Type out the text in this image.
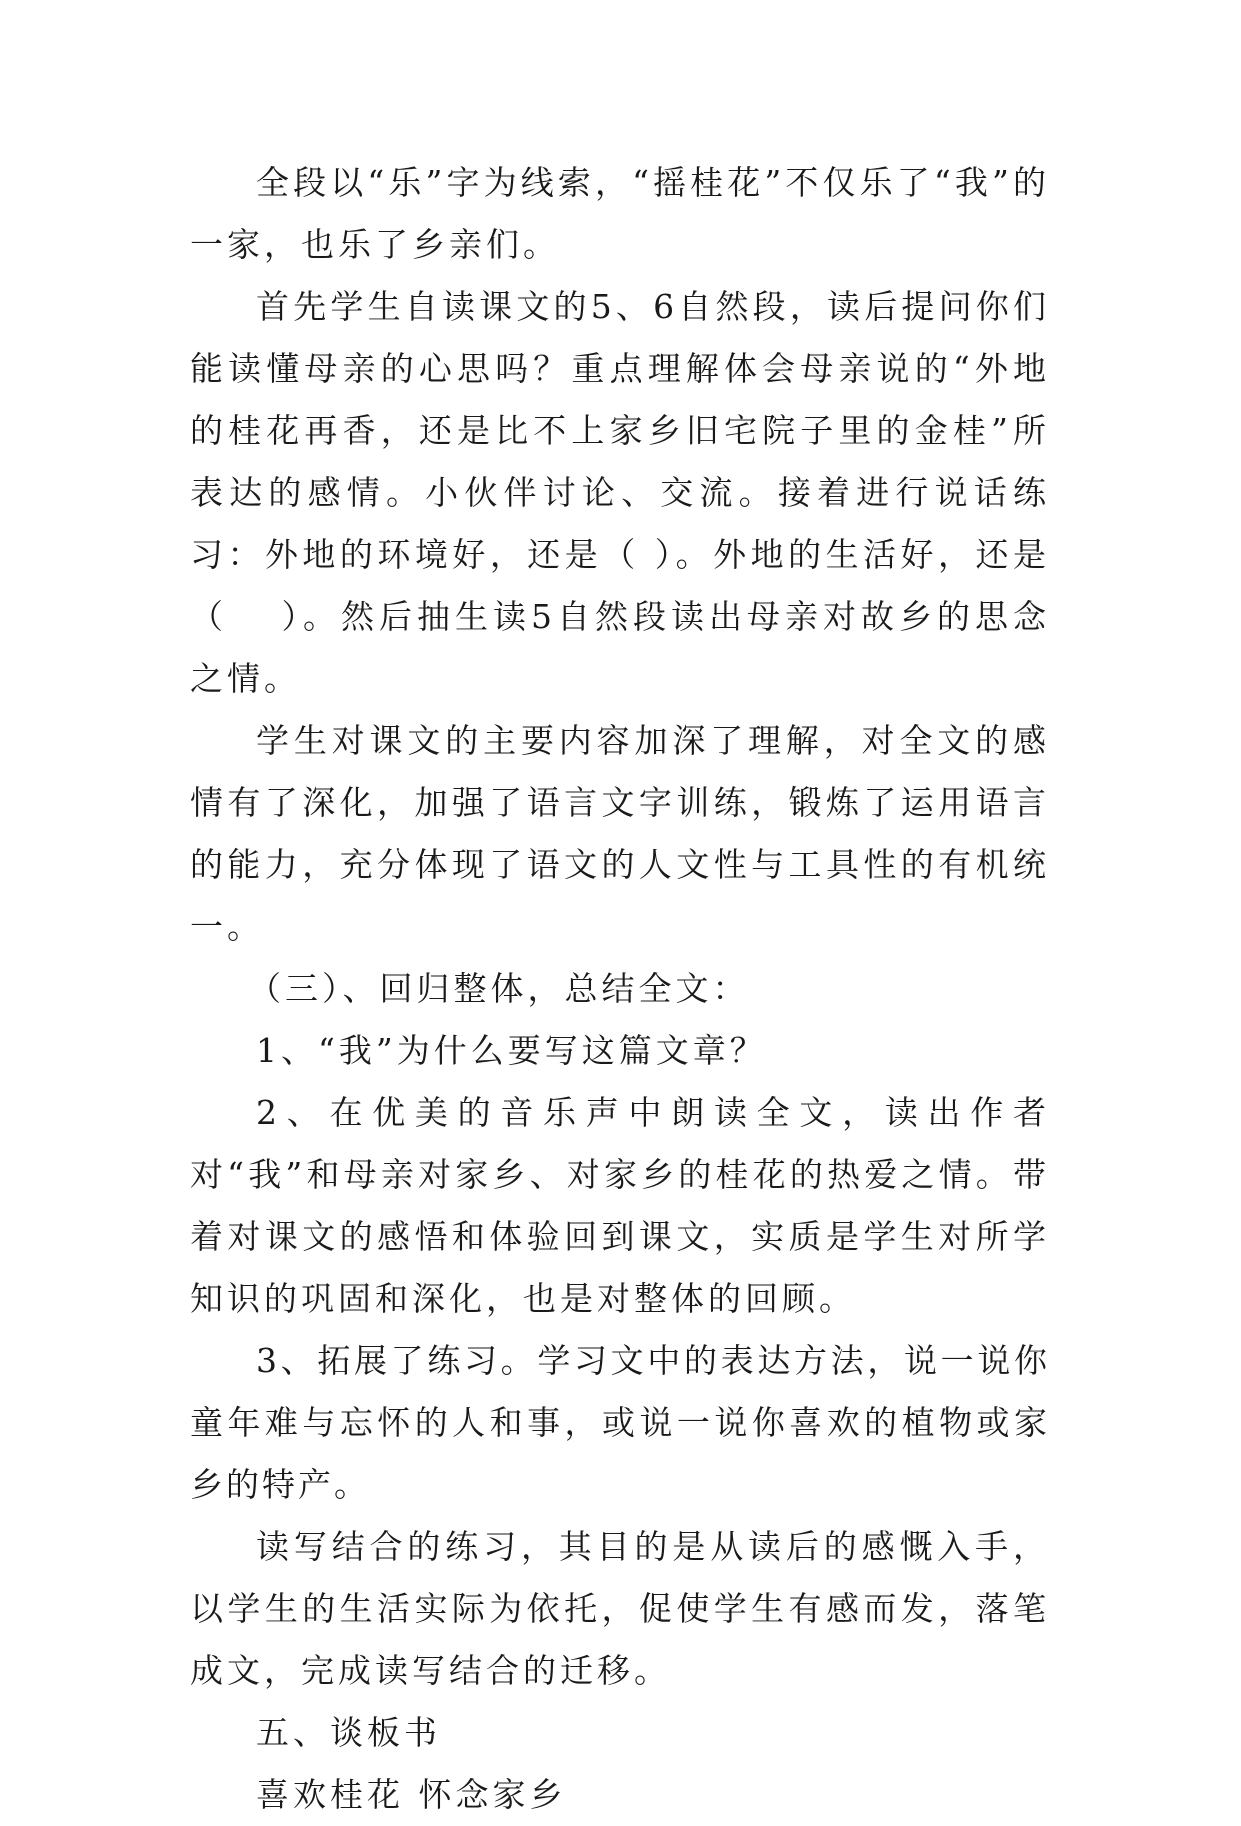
全段以“乐”字为线索，“摇桂花”不仅乐了“我”的一家，也乐了乡亲们。

首先学生自读课文的5、6自然段，读后提问你们能读懂母亲的心思吗？重点理解体会母亲说的“外地的桂花再香，还是比不上家乡旧宅院子里的金桂”所表达的感情。小伙伴讨论、交流。接着进行说话练习：外地的环境好，还是（ ）。外地的生活好，还是（　 ）。然后抽生读5自然段读出母亲对故乡的思念之情。

学生对课文的主要内容加深了理解，对全文的感情有了深化，加强了语言文字训练，锻炼了运用语言的能力，充分体现了语文的人文性与工具性的有机统一。

（三）、回归整体，总结全文：

1、“我”为什么要写这篇文章？

2、在优美的音乐声中朗读全文，读出作者对“我”和母亲对家乡、对家乡的桂花的热爱之情。带着对课文的感悟和体验回到课文，实质是学生对所学知识的巩固和深化，也是对整体的回顾。

3、拓展了练习。学习文中的表达方法，说一说你童年难与忘怀的人和事，或说一说你喜欢的植物或家乡的特产。

读写结合的练习，其目的是从读后的感慨入手，以学生的生活实际为依托，促使学生有感而发，落笔成文，完成读写结合的迁移。

五、谈板书

喜欢桂花 怀念家乡
